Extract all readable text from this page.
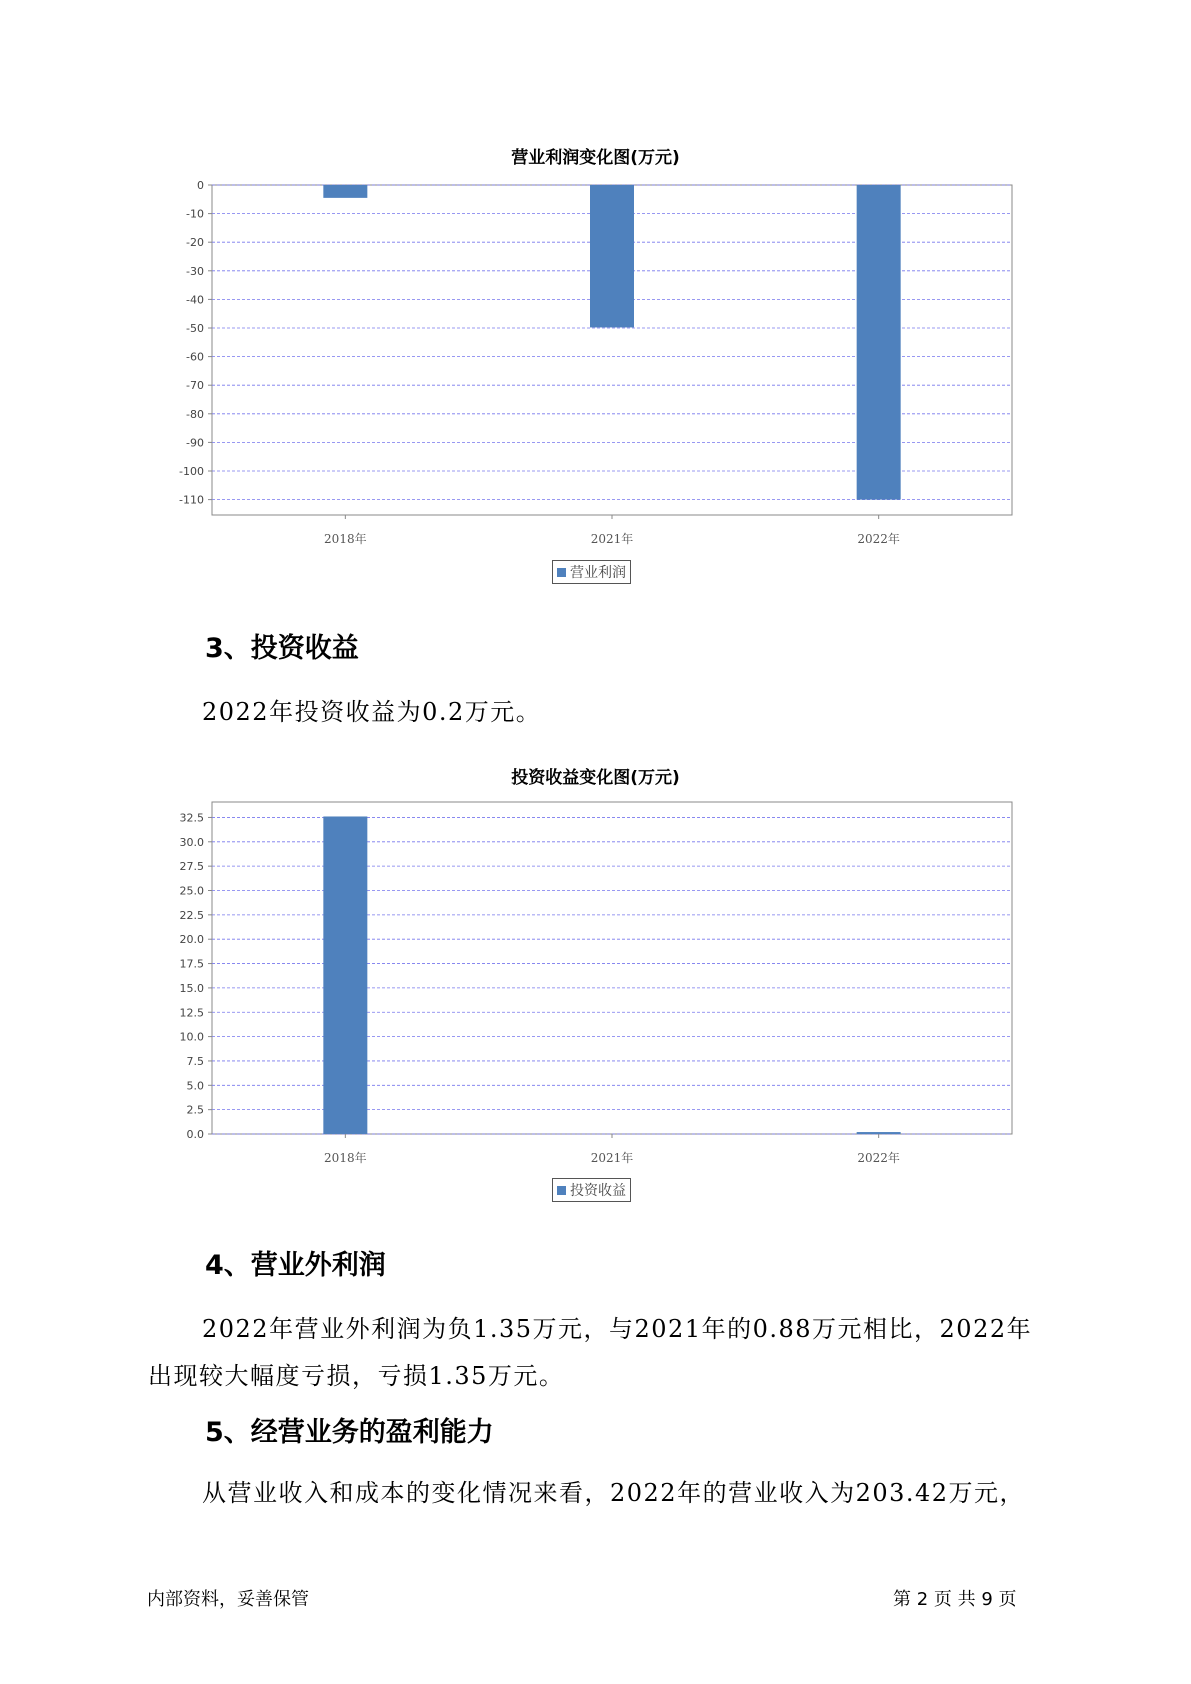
营业利润变化图(万元)
0
-10
-20
-30
-40
-50
-60
-70
-80
-90
-100
-110
2018年	2021年	2022年
营业利润
3、投资收益
2022年投资收益为0.2万元。
投资收益变化图(万元)
0.0
2.5
5.0
7.5
10.0
12.5
15.0
17.5
20.0
22.5
25.0
27.5
30.0
32.5
2018年	2021年	2022年
投资收益
4、营业外利润
2022年营业外利润为负1.35万元，与2021年的0.88万元相比，2022年
出现较大幅度亏损，亏损1.35万元。
5、经营业务的盈利能力
从营业收入和成本的变化情况来看，2022年的营业收入为203.42万元，
内部资料，妥善保管	第 2 页 共 9 页
